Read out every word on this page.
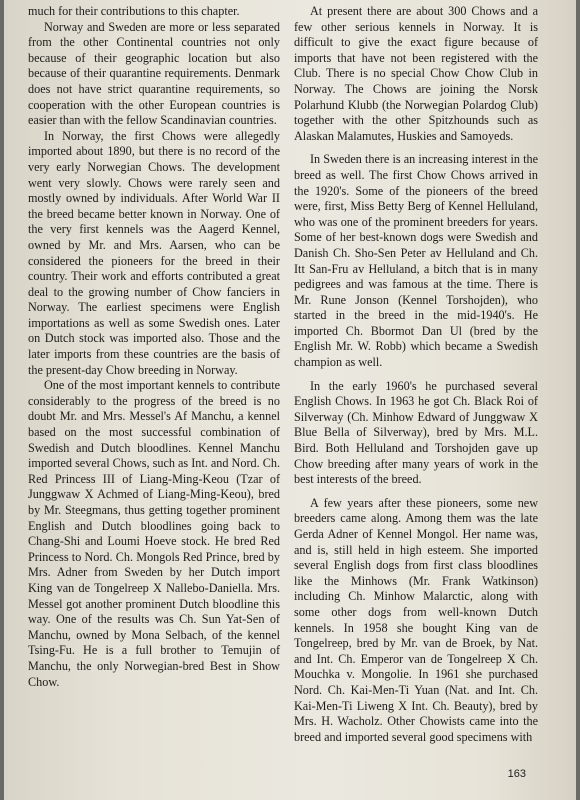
much for their contributions to this chapter.

Norway and Sweden are more or less separated from the other Continental countries not only because of their geographic location but also because of their quarantine requirements. Denmark does not have strict quarantine requirements, so cooperation with the other European countries is easier than with the fellow Scandinavian countries.

In Norway, the first Chows were allegedly imported about 1890, but there is no record of the very early Norwegian Chows. The development went very slowly. Chows were rarely seen and mostly owned by individuals. After World War II the breed became better known in Norway. One of the very first kennels was the Aagerd Kennel, owned by Mr. and Mrs. Aarsen, who can be considered the pioneers for the breed in their country. Their work and efforts contributed a great deal to the growing number of Chow fanciers in Norway. The earliest specimens were English importations as well as some Swedish ones. Later on Dutch stock was imported also. Those and the later imports from these countries are the basis of the present-day Chow breeding in Norway.

One of the most important kennels to contribute considerably to the progress of the breed is no doubt Mr. and Mrs. Messel's Af Manchu, a kennel based on the most successful combination of Swedish and Dutch bloodlines. Kennel Manchu imported several Chows, such as Int. and Nord. Ch. Red Princess III of Liang-Ming-Keou (Tzar of Junggwaw X Achmed of Liang-Ming-Keou), bred by Mr. Steegmans, thus getting together prominent English and Dutch bloodlines going back to Chang-Shi and Loumi Hoeve stock. He bred Red Princess to Nord. Ch. Mongols Red Prince, bred by Mrs. Adner from Sweden by her Dutch import King van de Tongelreep X Nallebo-Daniella. Mrs. Messel got another prominent Dutch bloodline this way. One of the results was Ch. Sun Yat-Sen of Manchu, owned by Mona Selbach, of the kennel Tsing-Fu. He is a full brother to Temujin of Manchu, the only Norwegian-bred Best in Show Chow.

At present there are about 300 Chows and a few other serious kennels in Norway. It is difficult to give the exact figure because of imports that have not been registered with the Club. There is no special Chow Chow Club in Norway. The Chows are joining the Norsk Polarhund Klubb (the Norwegian Polardog Club) together with the other Spitzhounds such as Alaskan Malamutes, Huskies and Samoyeds.

In Sweden there is an increasing interest in the breed as well. The first Chow Chows arrived in the 1920's. Some of the pioneers of the breed were, first, Miss Betty Berg of Kennel Helluland, who was one of the prominent breeders for years. Some of her best-known dogs were Swedish and Danish Ch. Sho-Sen Peter av Helluland and Ch. Itt San-Fru av Helluland, a bitch that is in many pedigrees and was famous at the time. There is Mr. Rune Jonson (Kennel Torshojden), who started in the breed in the mid-1940's. He imported Ch. Bbormot Dan Ul (bred by the English Mr. W. Robb) which became a Swedish champion as well.

In the early 1960's he purchased several English Chows. In 1963 he got Ch. Black Roi of Silverway (Ch. Minhow Edward of Junggwaw X Blue Bella of Silverway), bred by Mrs. M.L. Bird. Both Helluland and Torshojden gave up Chow breeding after many years of work in the best interests of the breed.

A few years after these pioneers, some new breeders came along. Among them was the late Gerda Adner of Kennel Mongol. Her name was, and is, still held in high esteem. She imported several English dogs from first class bloodlines like the Minhows (Mr. Frank Watkinson) including Ch. Minhow Malarctic, along with some other dogs from well-known Dutch kennels. In 1958 she bought King van de Tongelreep, bred by Mr. van de Broek, by Nat. and Int. Ch. Emperor van de Tongelreep X Ch. Mouchka v. Mongolie. In 1961 she purchased Nord. Ch. Kai-Men-Ti Yuan (Nat. and Int. Ch. Kai-Men-Ti Liweng X Int. Ch. Beauty), bred by Mrs. H. Wacholz. Other Chowists came into the breed and imported several good specimens with

163
